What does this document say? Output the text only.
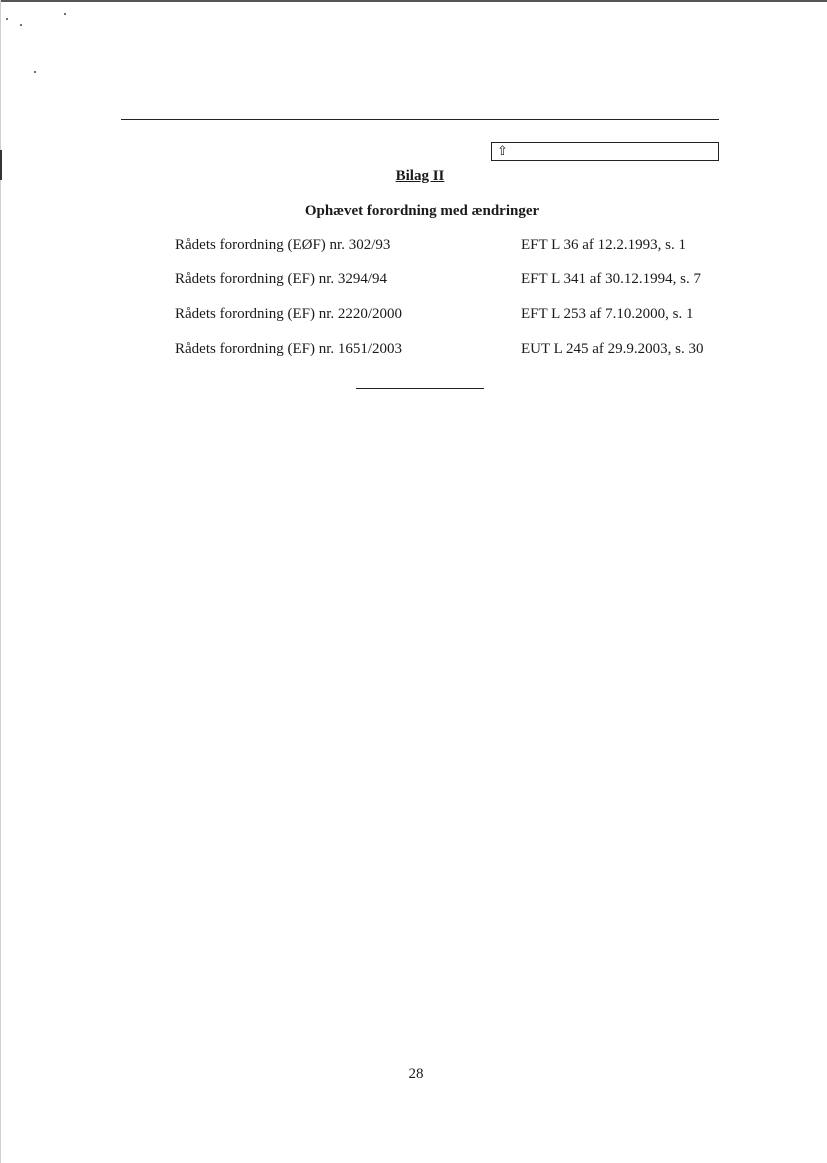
⇧
Bilag II
Ophævet forordning med ændringer
Rådets forordning (EØF) nr. 302/93	EFT L 36 af 12.2.1993, s. 1
Rådets forordning (EF) nr. 3294/94	EFT L 341 af 30.12.1994, s. 7
Rådets forordning (EF) nr. 2220/2000	EFT L 253 af 7.10.2000, s. 1
Rådets forordning (EF) nr. 1651/2003	EUT L 245 af 29.9.2003, s. 30
28
